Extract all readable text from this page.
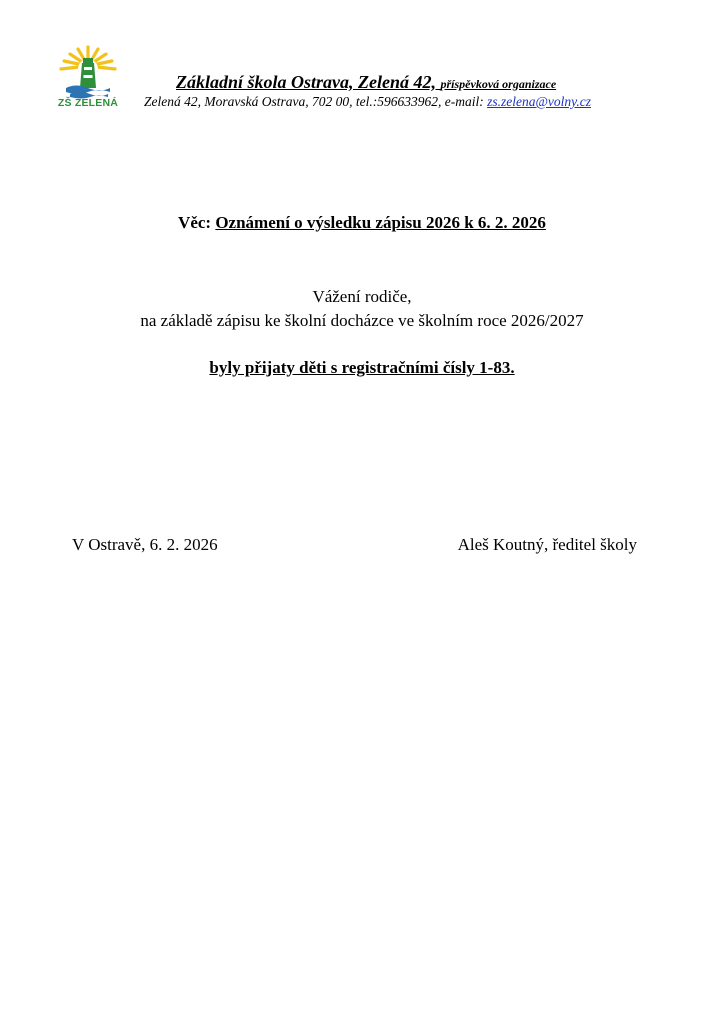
ZŠ ZELENÁ
Základní škola Ostrava, Zelená 42, příspěvková organizace
Zelená 42, Moravská Ostrava, 702 00, tel.:596633962, e-mail: zs.zelena@volny.cz
Věc: Oznámení o výsledku zápisu 2026 k 6. 2. 2026
Vážení rodiče,
na základě zápisu ke školní docházce ve školním roce 2026/2027
byly přijaty děti s registračními čísly 1-83.
V Ostravě, 6. 2. 2026	Aleš Koutný, ředitel školy
